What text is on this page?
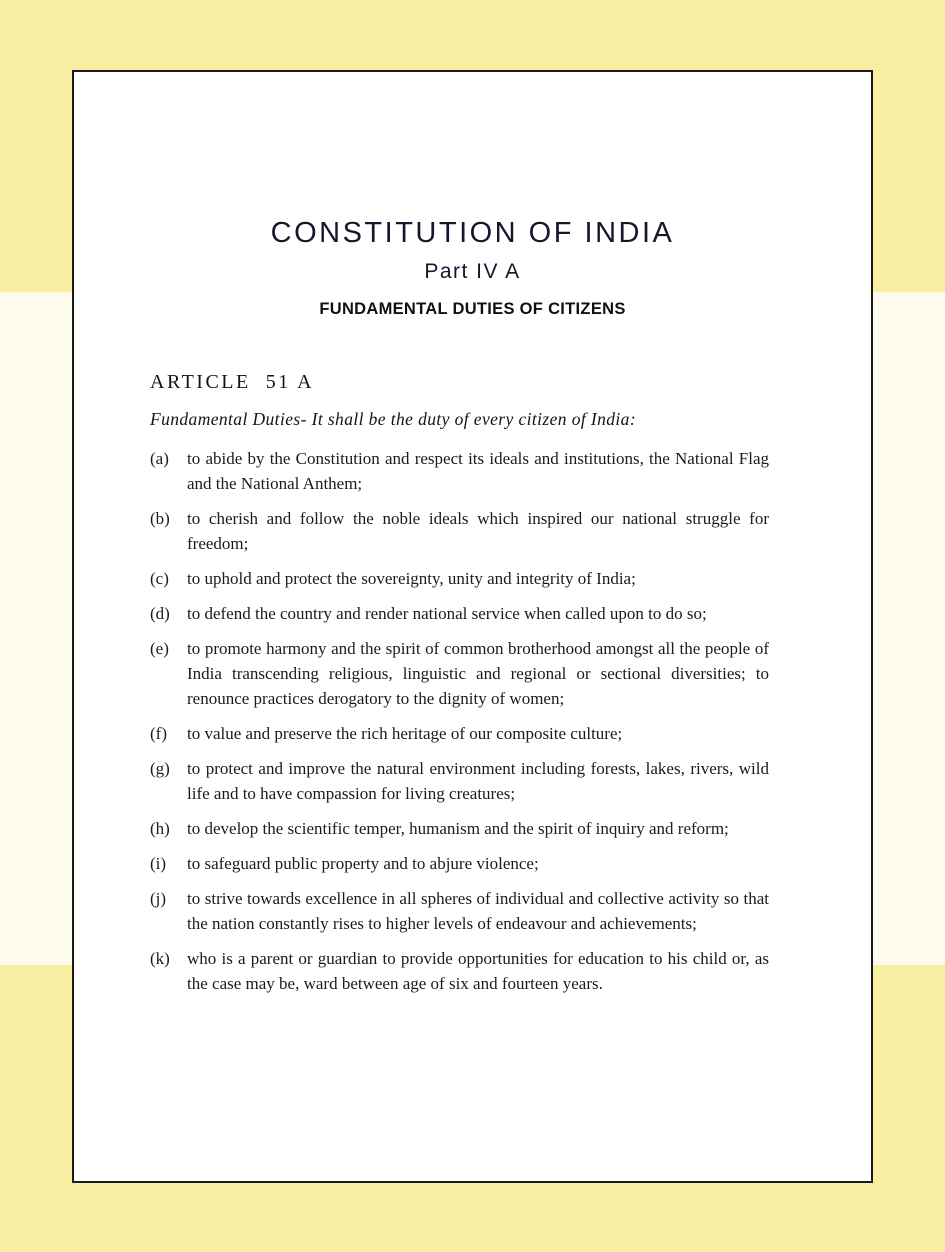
CONSTITUTION OF INDIA
Part IV A
FUNDAMENTAL DUTIES OF CITIZENS
ARTICLE  51 A
Fundamental Duties- It shall be the duty of every citizen of India:
(a)	to abide by the Constitution and respect its ideals and institutions, the National Flag and the National Anthem;
(b)	to cherish and follow the noble ideals which inspired our national struggle for freedom;
(c)	to uphold and protect the sovereignty, unity and integrity of India;
(d)	to defend the country and render national service when called upon to do so;
(e)	to promote harmony and the spirit of common brotherhood amongst all the people of India transcending religious, linguistic and regional or sectional diversities; to renounce practices derogatory to the dignity of women;
(f)	to value and preserve the rich heritage of our composite culture;
(g)	to protect and improve the natural environment including forests, lakes, rivers, wild life and to have compassion for living creatures;
(h)	to develop the scientific temper, humanism and the spirit of inquiry and reform;
(i)	to safeguard public property and to abjure violence;
(j)	to strive towards excellence in all spheres of individual and collective activity so that the nation constantly rises to higher levels of endeavour and achievements;
(k)	who is a parent or guardian to provide opportunities for education to his child or, as the case may be, ward between age of six and fourteen years.
